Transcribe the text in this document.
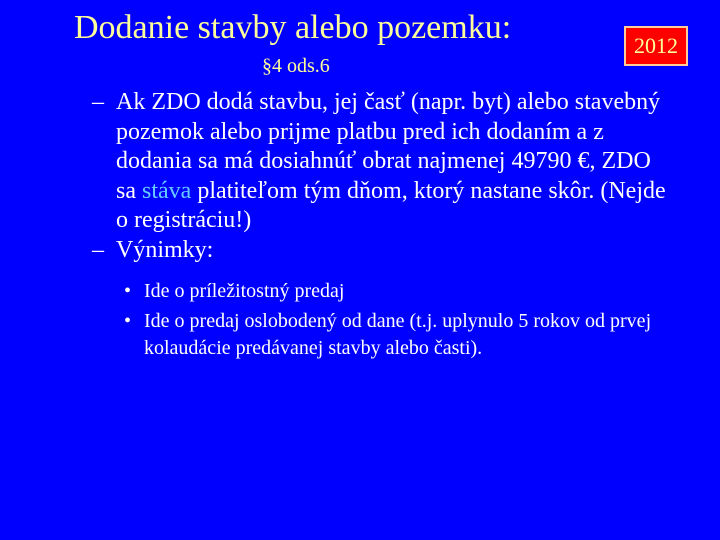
Dodanie stavby alebo pozemku:
§4 ods.6
2012
– Ak ZDO dodá stavbu, jej časť (napr. byt) alebo stavebný pozemok alebo prijme platbu pred ich dodaním a z dodania sa má dosiahnúť obrat najmenej 49790 €, ZDO sa stáva platiteľom tým dňom, ktorý nastane skôr. (Nejde o registráciu!)
– Výnimky:
• Ide o príležitostný predaj
• Ide o predaj oslobodený od dane (t.j. uplynulo 5 rokov od prvej kolaudácie predávanej stavby alebo časti).
